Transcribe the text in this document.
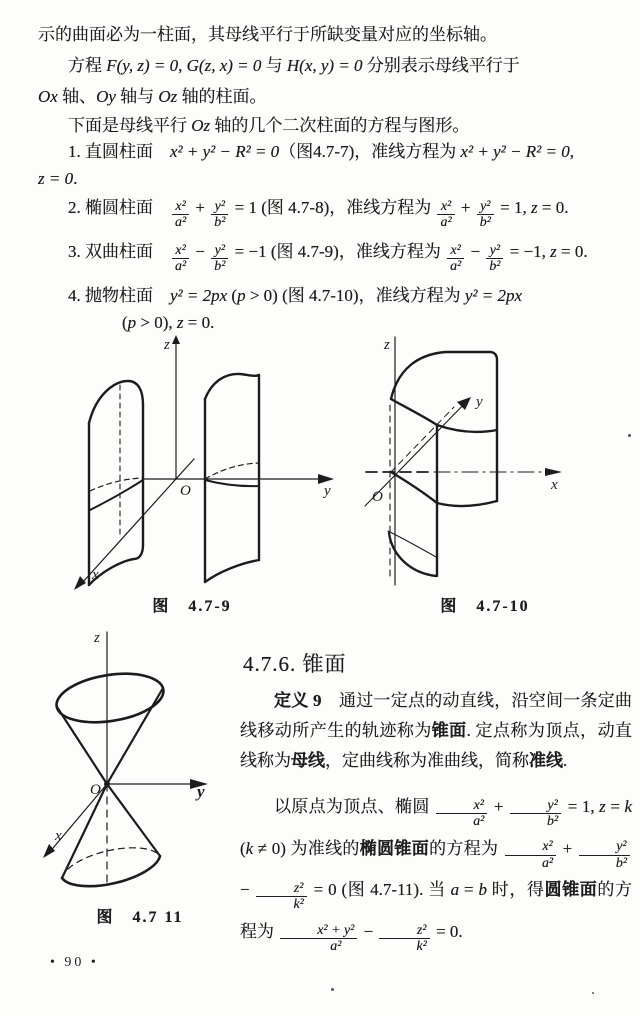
示的曲面必为一柱面，其母线平行于所缺变量对应的坐标轴。
方程 F(y, z) = 0, G(z, x) = 0 与 H(x, y) = 0 分别表示母线平行于
Ox 轴、Oy 轴与 Oz 轴的柱面。
下面是母线平行 Oz 轴的几个二次柱面的方程与图形。
1. 直圆柱面　x² + y² − R² = 0（图4.7-7)，准线方程为 x² + y² − R² = 0,
z = 0.
2. 椭圆柱面　 $\frac{\text{x²}}{\text{a²}} + \frac{\text{y²}}{\text{b²}} = 1$ (图 4.7-8)，准线方程为 $\frac{\text{x²}}{\text{a²}} + \frac{\text{y²}}{\text{b²}} = 1$, z = 0.
3. 双曲柱面　 $\frac{\text{x²}}{\text{a²}} - \frac{\text{y²}}{\text{b²}} = -1$ (图 4.7-9)，准线方程为 $\frac{\text{x²}}{\text{a²}} - \frac{\text{y²}}{\text{b²}} = -1$, z = 0.
4. 抛物柱面　y² = 2px (p > 0) (图 4.7-10)，准线方程为 y² = 2px
(p > 0), z = 0.
z
y
x
O
图　4.7-9
z
y
x
O
图　4.7-10
z
y
x
O
图　4.7 11
4.7.6. 锥面

定义 9　通过一定点的动直线，沿空间一条定曲线移动所产生的轨迹称为锥面. 定点称为顶点，动直线称为母线，定曲线称为准曲线，简称准线.

以原点为顶点、椭圆 $\frac{\text{x²}}{\text{a²}} + \frac{\text{y²}}{\text{b²}} = 1$, z = k (k ≠ 0) 为准线的椭圆锥面的方程为 $\frac{\text{x²}}{\text{a²}} + \frac{\text{y²}}{\text{b²}}$
− $\frac{\text{z²}}{\text{k²}} = 0$ (图 4.7-11). 当 a = b 时，得圆锥面的方程为 $\frac{\text{x² + y²}}{\text{a²}} - \frac{\text{z²}}{\text{k²}} = 0$.

• 90 •
